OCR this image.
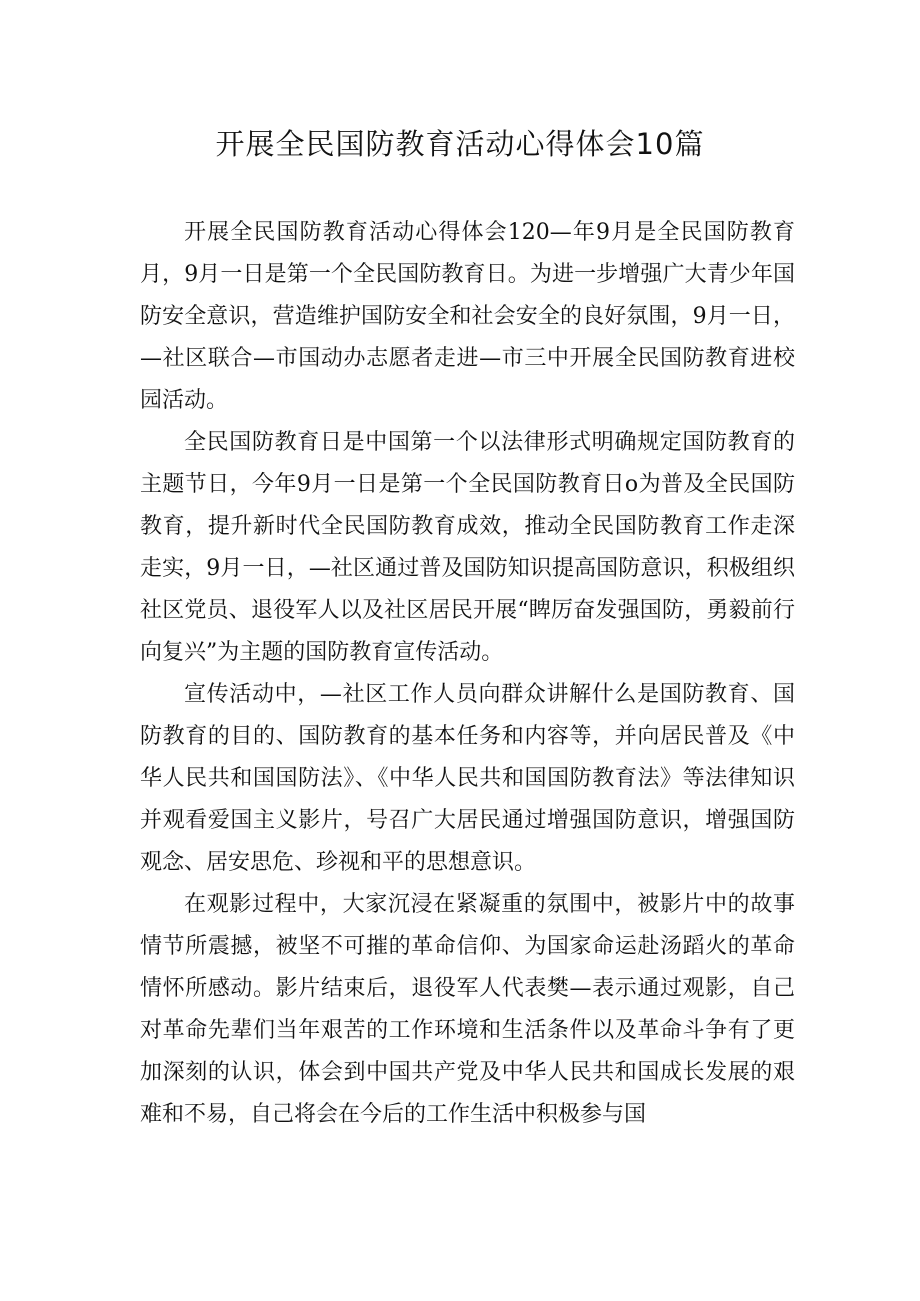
开展全民国防教育活动心得体会10篇

开展全民国防教育活动心得体会120—年9月是全民国防教育月，9月一日是第一个全民国防教育日。为进一步增强广大青少年国防安全意识，营造维护国防安全和社会安全的良好氛围，9月一日，—社区联合—市国动办志愿者走进—市三中开展全民国防教育进校园活动。

全民国防教育日是中国第一个以法律形式明确规定国防教育的主题节日，今年9月一日是第一个全民国防教育日o为普及全民国防教育，提升新时代全民国防教育成效，推动全民国防教育工作走深走实，9月一日，—社区通过普及国防知识提高国防意识，积极组织社区党员、退役军人以及社区居民开展“睥厉奋发强国防，勇毅前行向复兴”为主题的国防教育宣传活动。

宣传活动中，—社区工作人员向群众讲解什么是国防教育、国防教育的目的、国防教育的基本任务和内容等，并向居民普及《中华人民共和国国防法》、《中华人民共和国国防教育法》等法律知识并观看爱国主义影片，号召广大居民通过增强国防意识，增强国防观念、居安思危、珍视和平的思想意识。

在观影过程中，大家沉浸在紧凝重的氛围中，被影片中的故事情节所震撼，被坚不可摧的革命信仰、为国家命运赴汤蹈火的革命情怀所感动。影片结束后，退役军人代表樊—表示通过观影，自己对革命先辈们当年艰苦的工作环境和生活条件以及革命斗争有了更加深刻的认识，体会到中国共产党及中华人民共和国成长发展的艰难和不易，自己将会在今后的工作生活中积极参与国
